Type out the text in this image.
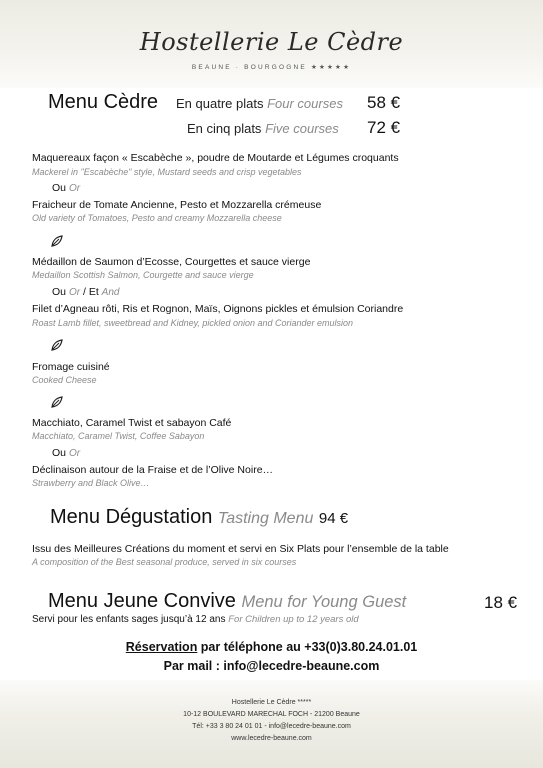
Hostellerie Le Cèdre
BEAUNE · BOURGOGNE ★★★★★
Menu Cèdre En quatre plats Four courses 58 €
En cinq plats Five courses 72 €
Maquereaux façon « Escabèche », poudre de Moutarde et Légumes croquants
Mackerel in "Escabèche" style, Mustard seeds and crisp vegetables
Ou Or
Fraicheur de Tomate Ancienne, Pesto et Mozzarella crémeuse
Old variety of Tomatoes, Pesto and creamy Mozzarella cheese
Médaillon de Saumon d’Ecosse, Courgettes et sauce vierge
Medaillon Scottish Salmon, Courgette and sauce vierge
Ou Or / Et And
Filet d’Agneau rôti, Ris et Rognon, Maïs, Oignons pickles et émulsion Coriandre
Roast Lamb fillet, sweetbread and Kidney, pickled onion and Coriander emulsion
Fromage cuisiné
Cooked Cheese
Macchiato, Caramel Twist et sabayon Café
Macchiato, Caramel Twist, Coffee Sabayon
Ou Or
Déclinaison autour de la Fraise et de l’Olive Noire…
Strawberry and Black Olive…
Menu Dégustation Tasting Menu 94 €
Issu des Meilleures Créations du moment et servi en Six Plats pour l’ensemble de la table
A composition of the Best seasonal produce, served in six courses
Menu Jeune Convive Menu for Young Guest	18 €
Servi pour les enfants sages jusqu’à 12 ans For Children up to 12 years old
Réservation par téléphone au +33(0)3.80.24.01.01
Par mail : info@lecedre-beaune.com
Hostellerie Le Cèdre *****
10-12 BOULEVARD MARECHAL FOCH - 21200 Beaune
Tél: +33 3 80 24 01 01 - info@lecedre-beaune.com
www.lecedre-beaune.com
